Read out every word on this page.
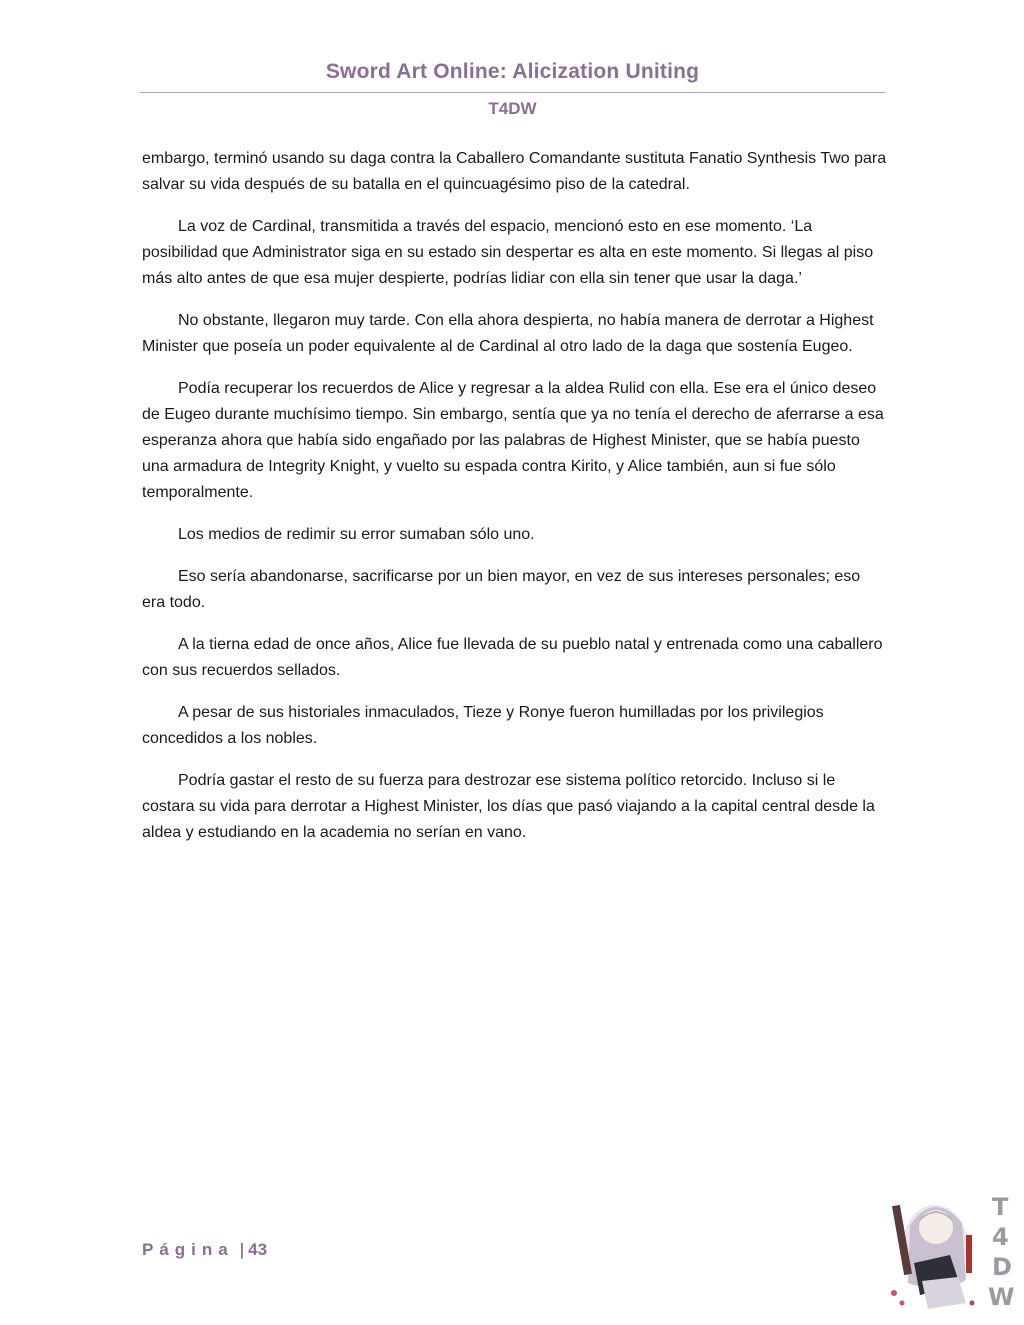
Sword Art Online: Alicization Uniting
T4DW

embargo, terminó usando su daga contra la Caballero Comandante sustituta Fanatio Synthesis Two para salvar su vida después de su batalla en el quincuagésimo piso de la catedral.

La voz de Cardinal, transmitida a través del espacio, mencionó esto en ese momento. ‘La posibilidad que Administrator siga en su estado sin despertar es alta en este momento. Si llegas al piso más alto antes de que esa mujer despierte, podrías lidiar con ella sin tener que usar la daga.’

No obstante, llegaron muy tarde. Con ella ahora despierta, no había manera de derrotar a Highest Minister que poseía un poder equivalente al de Cardinal al otro lado de la daga que sostenía Eugeo.

Podía recuperar los recuerdos de Alice y regresar a la aldea Rulid con ella. Ese era el único deseo de Eugeo durante muchísimo tiempo. Sin embargo, sentía que ya no tenía el derecho de aferrarse a esa esperanza ahora que había sido engañado por las palabras de Highest Minister, que se había puesto una armadura de Integrity Knight, y vuelto su espada contra Kirito, y Alice también, aun si fue sólo temporalmente.

Los medios de redimir su error sumaban sólo uno.

Eso sería abandonarse, sacrificarse por un bien mayor, en vez de sus intereses personales; eso era todo.

A la tierna edad de once años, Alice fue llevada de su pueblo natal y entrenada como una caballero con sus recuerdos sellados.

A pesar de sus historiales inmaculados, Tieze y Ronye fueron humilladas por los privilegios concedidos a los nobles.

Podría gastar el resto de su fuerza para destrozar ese sistema político retorcido. Incluso si le costara su vida para derrotar a Highest Minister, los días que pasó viajando a la capital central desde la aldea y estudiando en la academia no serían en vano.

Página | 43
T
4
D
W
